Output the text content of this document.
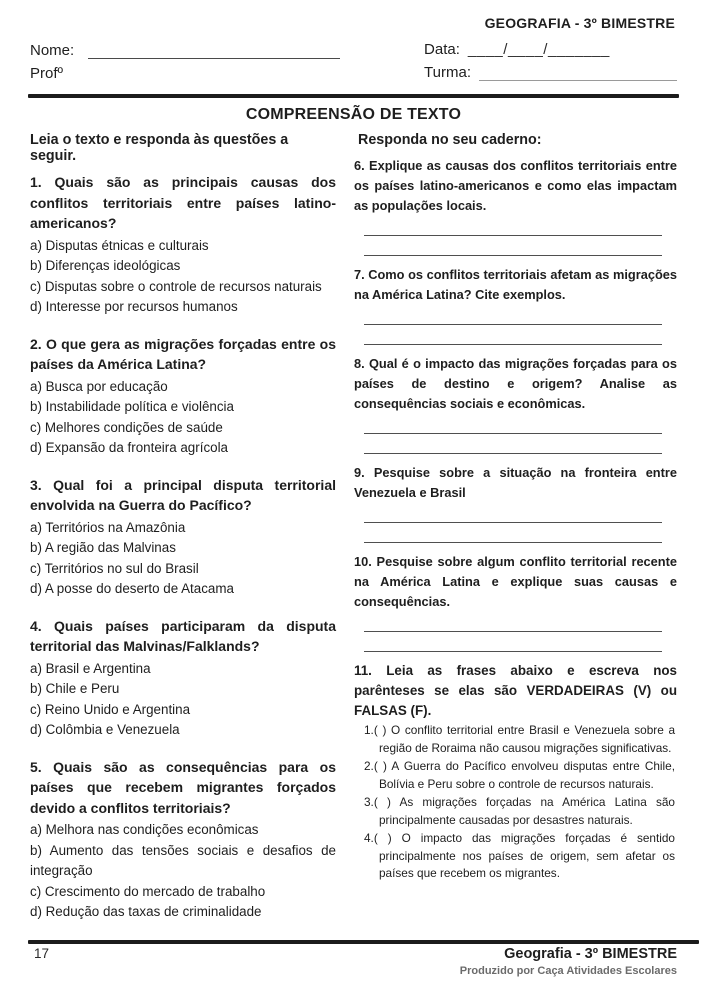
GEOGRAFIA - 3º BIMESTRE
Nome:
Profº
Data: ____/____/_______
Turma:
COMPREENSÃO DE TEXTO
Leia o texto e responda às questões a seguir.

1. Quais são as principais causas dos conflitos territoriais entre países latino-americanos?

a) Disputas étnicas e culturais

b) Diferenças ideológicas

c) Disputas sobre o controle de recursos naturais

d) Interesse por recursos humanos

2. O que gera as migrações forçadas entre os países da América Latina?

a) Busca por educação

b) Instabilidade política e violência

c) Melhores condições de saúde

d) Expansão da fronteira agrícola

3. Qual foi a principal disputa territorial envolvida na Guerra do Pacífico?

a) Territórios na Amazônia

b) A região das Malvinas

c) Territórios no sul do Brasil

d) A posse do deserto de Atacama

4. Quais países participaram da disputa territorial das Malvinas/Falklands?

a) Brasil e Argentina

b) Chile e Peru

c) Reino Unido e Argentina

d) Colômbia e Venezuela

5. Quais são as consequências para os países que recebem migrantes forçados devido a conflitos territoriais?

a) Melhora nas condições econômicas

b) Aumento das tensões sociais e desafios de integração

c) Crescimento do mercado de trabalho

d) Redução das taxas de criminalidade

Responda no seu caderno:

6. Explique as causas dos conflitos territoriais entre os países latino-americanos e como elas impactam as populações locais.

7. Como os conflitos territoriais afetam as migrações na América Latina? Cite exemplos.

8. Qual é o impacto das migrações forçadas para os países de destino e origem? Analise as consequências sociais e econômicas.

9. Pesquise sobre a situação na fronteira entre Venezuela e Brasil

10. Pesquise sobre algum conflito territorial recente na América Latina e explique suas causas e consequências.

11. Leia as frases abaixo e escreva nos parênteses se elas são VERDADEIRAS (V) ou FALSAS (F).

1.( ) O conflito territorial entre Brasil e Venezuela sobre a região de Roraima não causou migrações significativas.

2.( ) A Guerra do Pacífico envolveu disputas entre Chile, Bolívia e Peru sobre o controle de recursos naturais.

3.( ) As migrações forçadas na América Latina são principalmente causadas por desastres naturais.

4.( ) O impacto das migrações forçadas é sentido principalmente nos países de origem, sem afetar os países que recebem os migrantes.

17	Geografia - 3º BIMESTRE
Produzido por Caça Atividades Escolares
